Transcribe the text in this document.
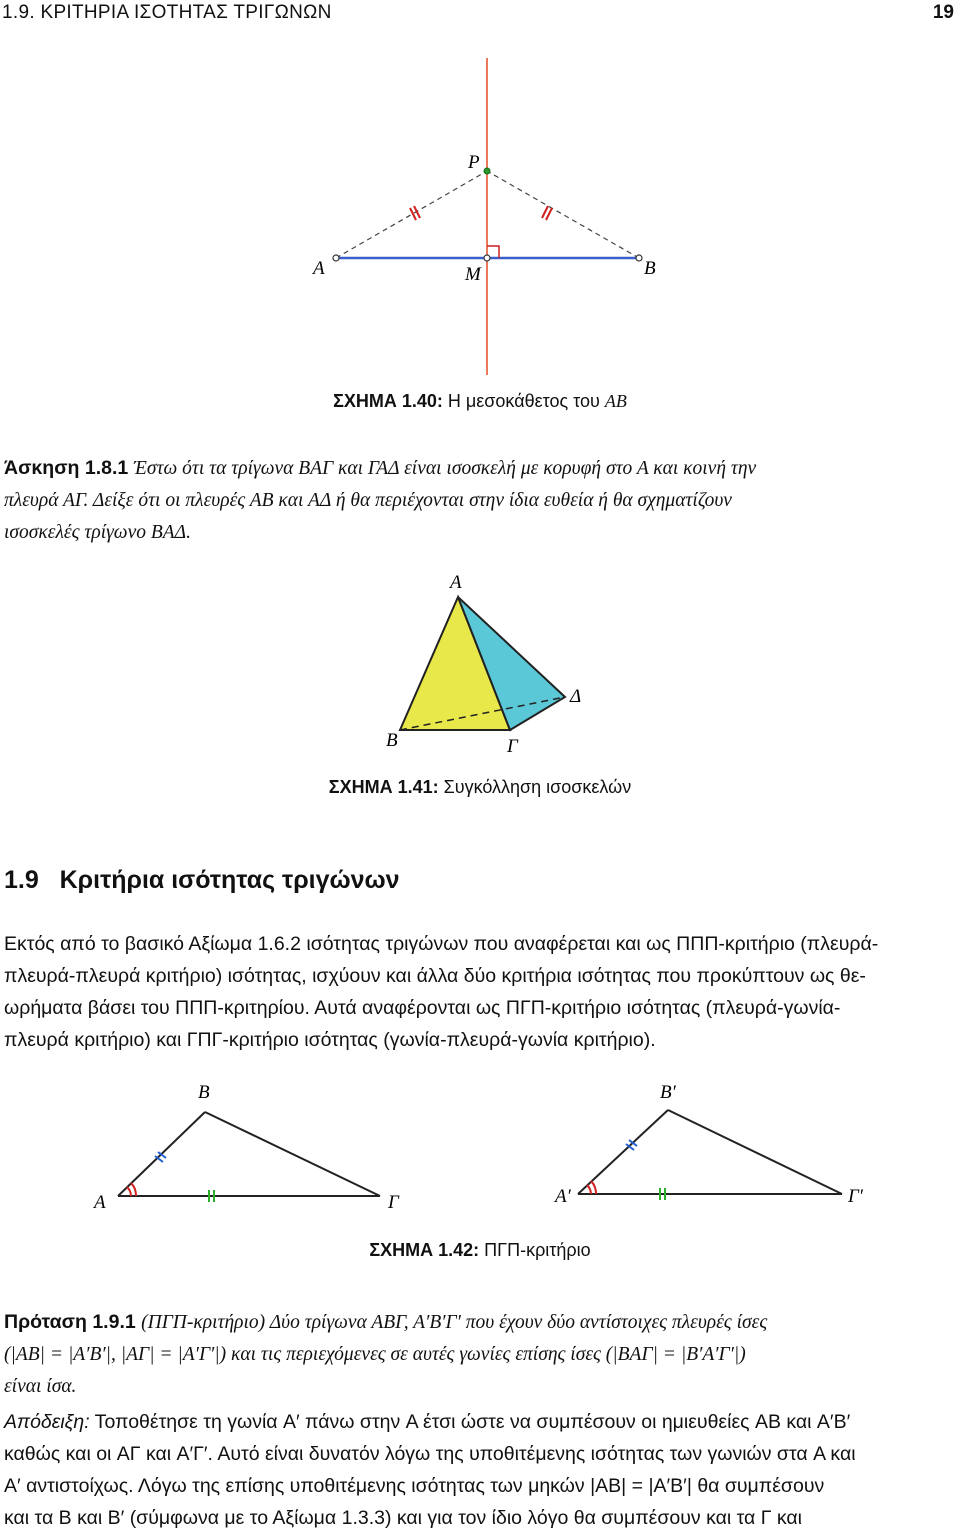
1.9. ΚΡΙΤΗΡΙΑ ΙΣΟΤΗΤΑΣ ΤΡΙΓΩΝΩΝ	19
P
A	M	B
ΣΧΗΜΑ 1.40: Η μεσοκάθετος του AB
Άσκηση 1.8.1 Έστω ότι τα τρίγωνα ΒΑΓ και ΓΑΔ είναι ισοσκελή με κορυφή στο Α και κοινή την
πλευρά ΑΓ. Δείξε ότι οι πλευρές ΑΒ και ΑΔ ή θα περιέχονται στην ίδια ευθεία ή θα σχηματίζουν
ισοσκελές τρίγωνο ΒΑΔ.
A
B	Γ
Δ
ΣΧΗΜΑ 1.41: Συγκόλληση ισοσκελών
1.9 Κριτήρια ισότητας τριγώνων
Εκτός από το βασικό Αξίωμα 1.6.2 ισότητας τριγώνων που αναφέρεται και ως ΠΠΠ-κριτήριο (πλευρά-
πλευρά-πλευρά κριτήριο) ισότητας, ισχύουν και άλλα δύο κριτήρια ισότητας που προκύπτουν ως θε-
ωρήματα βάσει του ΠΠΠ-κριτηρίου. Αυτά αναφέρονται ως ΠΓΠ-κριτήριο ισότητας (πλευρά-γωνία-
πλευρά κριτήριο) και ΓΠΓ-κριτήριο ισότητας (γωνία-πλευρά-γωνία κριτήριο).
B
A	Γ
B′
A′	Γ′
ΣΧΗΜΑ 1.42: ΠΓΠ-κριτήριο
Πρόταση 1.9.1 (ΠΓΠ-κριτήριο) Δύο τρίγωνα ΑΒΓ, Α′Β′Γ′ που έχουν δύο αντίστοιχες πλευρές ίσες
(|AB| = |A′B′|, |AΓ| = |A′Γ′|) και τις περιεχόμενες σε αυτές γωνίες επίσης ίσες (|ΒΑΓ| = |Β′Α′Γ′|)
είναι ίσα.
Απόδειξη: Τοποθέτησε τη γωνία A′ πάνω στην A έτσι ώστε να συμπέσουν οι ημιευθείες AB και A′B′
καθώς και οι AΓ και A′Γ′. Αυτό είναι δυνατόν λόγω της υποθιτέμενης ισότητας των γωνιών στα A και
A′ αντιστοίχως. Λόγω της επίσης υποθιτέμενης ισότητας των μηκών |AB| = |A′B′| θα συμπέσουν
και τα B και B′ (σύμφωνα με το Αξίωμα 1.3.3) και για τον ίδιο λόγο θα συμπέσουν και τα Γ και
